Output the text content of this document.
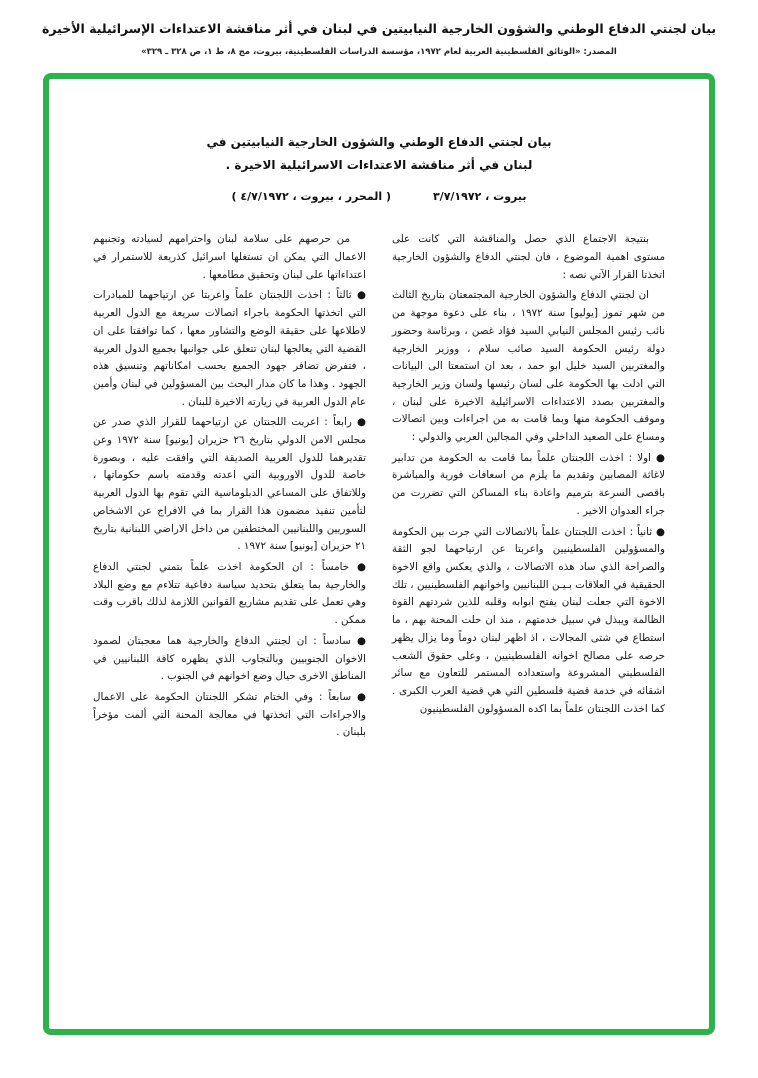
بيان لجنتي الدفاع الوطني والشؤون الخارجية النيابيتين في لبنان في أثر مناقشة الاعتداءات الإسرائيلية الأخيرة
المصدر: «الوثائق الفلسطينية العربية لعام ١٩٧٢، مؤسسة الدراسات الفلسطينية، بيروت، مج ٨، ط ١، ص ٣٢٨ ـ ٣٢٩»
بيان لجنتي الدفاع الوطني والشؤون الخارجية النيابيتين في
لبنان في أثر مناقشة الاعتداءات الاسرائيلية الاخيرة .
بيروت ، ٣/٧/١٩٧٢
( المحرر ، بيروت ، ٤/٧/١٩٧٢ )

بنتيجة الاجتماع الذي حصل والمناقشة التي كانت على مستوى اهمية الموضوع ، فان لجنتي الدفاع والشؤون الخارجية اتخذتا القرار الآتي نصه :

ان لجنتي الدفاع والشؤون الخارجية المجتمعتان بتاريخ الثالث من شهر تموز [يوليو] سنة ١٩٧٢ ، بناء على دعوة موجهة من نائب رئيس المجلس النيابي السيد فؤاد غصن ، وبرئاسة وحضور دولة رئيس الحكومة السيد صائب سلام ، ووزير الخارجية والمغتربين السيد خليل ابو حمد ، بعد ان استمعتا الى البيانات التي ادلت بها الحكومة على لسان رئيسها ولسان وزير الخارجية والمغتربين بصدد الاعتداءات الاسرائيلية الاخيرة على لبنان ، وموقف الحكومة منها وبما قامت به من اجراءات وبين اتصالات ومساع على الصعيد الداخلي وفي المجالين العربي والدولي :

● اولا : اخذت اللجنتان علماً بما قامت به الحكومة من تدابير لاغاثة المصابين وتقديم ما يلزم من اسعافات فورية والمباشرة باقصى السرعة بترميم واعادة بناء المساكن التي تضررت من جراء العدوان الاخير .

● ثانياً : اخذت اللجنتان علماً بالاتصالات التي جرت بين الحكومة والمسؤولين الفلسطينيين واعربتا عن ارتياحهما لجو الثقة والصراحة الذي ساد هذه الاتصالات ، والذي يعكس واقع الاخوة الحقيقية في العلاقات بـيـن اللبنانيين واخوانهم الفلسطينيين ، تلك الاخوة التي جعلت لبنان يفتح ابوابه وقلبه للذين شردتهم القوة الظالمة ويبذل في سبيل خدمتهم ، منذ ان حلت المحنة بهم ، ما استطاع في شتى المجالات ، اذ اظهر لبنان دوماً وما يزال يظهر حرصه على مصالح اخوانه الفلسطينيين ، وعلى حقوق الشعب الفلسطيني المشروعة واستعداده المستمر للتعاون مع سائر اشقائه في خدمة قضية فلسطين التي هي قضية العرب الكبرى . كما اخذت اللجنتان علماً بما اكده المسؤولون الفلسطينيون

من حرصهم على سلامة لبنان واحترامهم لسيادته وتجنبهم الاعمال التي يمكن ان تستغلها اسرائيل كذريعة للاستمرار في اعتداءاتها على لبنان وتحقيق مطامعها .

● ثالثاً : اخذت اللجنتان علماً واعربتا عن ارتياحهما للمبادرات التي اتخذتها الحكومة باجراء اتصالات سريعة مع الدول العربية لاطلاعها على حقيقة الوضع والتشاور معها ، كما توافقتا على ان القضية التي يعالجها لبنان تتعلق على جوانبها بجميع الدول العربية ، فتفرض تضافر جهود الجميع بحسب امكاناتهم وتنسيق هذه الجهود . وهذا ما كان مدار البحث بين المسؤولين في لبنان وأمين عام الدول العربية في زيارته الاخيرة للبنان .

● رابعاً : اعربت اللجنتان عن ارتياحهما للقرار الذي صدر عن مجلس الامن الدولي بتاريخ ٢٦ حزيران [يونيو] سنة ١٩٧٢ وعن تقديرهما للدول العربية الصديقة التي وافقت عليه ، وبصورة خاصة للدول الاوروبية التي اعدته وقدمته باسم حكوماتها ، وللاتفاق على المساعي الدبلوماسية التي تقوم بها الدول العربية لتأمين تنفيذ مضمون هذا القرار بما في الافراج عن الاشخاص السوريين واللبنانيين المختطفين من داخل الاراضي اللبنانية بتاريخ ٢١ حزيران [يونيو] سنة ١٩٧٢ .

● خامساً : ان الحكومة اخذت علماً بتمني لجنتي الدفاع والخارجية بما يتعلق بتحديد سياسة دفاعية تتلاءم مع وضع البلاد وهي تعمل على تقديم مشاريع القوانين اللازمة لذلك باقرب وقت ممكن .

● سادساً : ان لجنتي الدفاع والخارجية هما معجبتان لصمود الاخوان الجنوبيين وبالتجاوب الذي يظهره كافة اللبنانيين في المناطق الاخرى حيال وضع اخوانهم في الجنوب .

● سابعاً : وفي الختام تشكر اللجنتان الحكومة على الاعمال والاجراءات التي اتخذتها في معالجة المحنة التي ألمت مؤخراً بلبنان .
